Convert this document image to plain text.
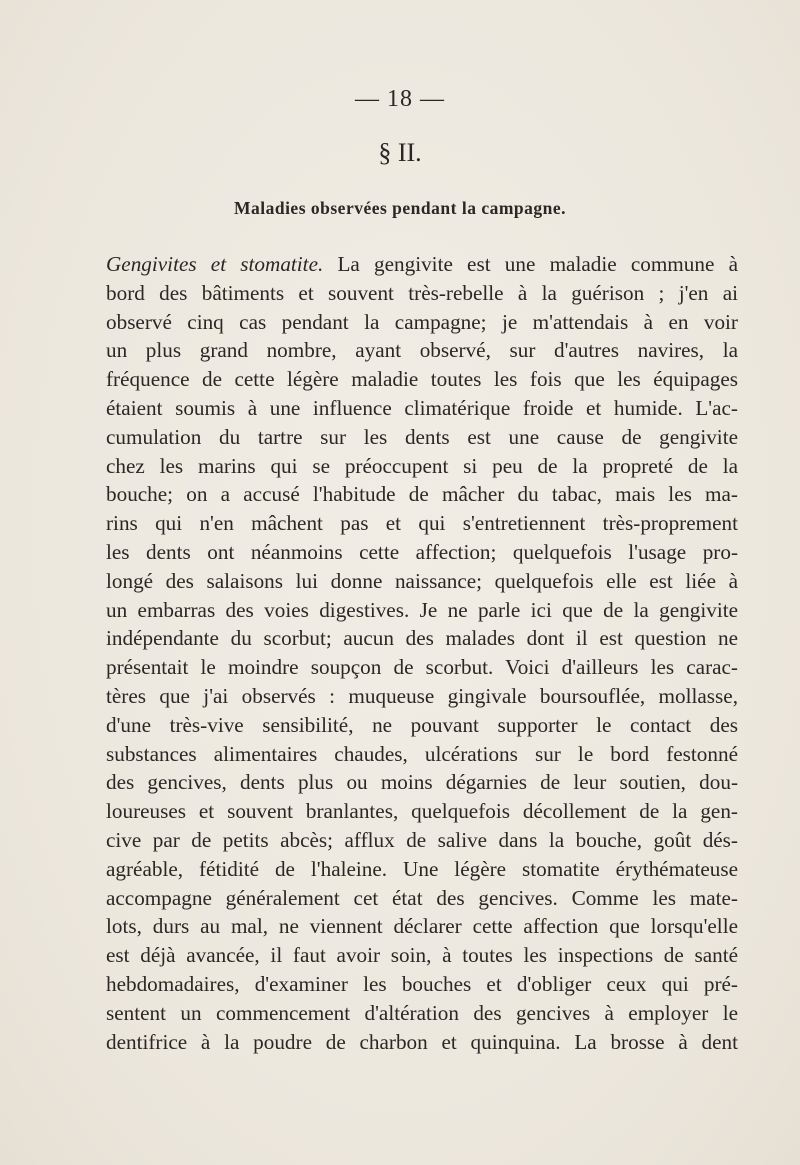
— 18 —
§ II.
Maladies observées pendant la campagne.
Gengivites et stomatite. La gengivite est une maladie commune à
bord des bâtiments et souvent très-rebelle à la guérison ; j'en ai
observé cinq cas pendant la campagne; je m'attendais à en voir
un plus grand nombre, ayant observé, sur d'autres navires, la
fréquence de cette légère maladie toutes les fois que les équipages
étaient soumis à une influence climatérique froide et humide. L'ac-
cumulation du tartre sur les dents est une cause de gengivite
chez les marins qui se préoccupent si peu de la propreté de la
bouche; on a accusé l'habitude de mâcher du tabac, mais les ma-
rins qui n'en mâchent pas et qui s'entretiennent très-proprement
les dents ont néanmoins cette affection; quelquefois l'usage pro-
longé des salaisons lui donne naissance; quelquefois elle est liée à
un embarras des voies digestives. Je ne parle ici que de la gengivite
indépendante du scorbut; aucun des malades dont il est question ne
présentait le moindre soupçon de scorbut. Voici d'ailleurs les carac-
tères que j'ai observés : muqueuse gingivale boursouflée, mollasse,
d'une très-vive sensibilité, ne pouvant supporter le contact des
substances alimentaires chaudes, ulcérations sur le bord festonné
des gencives, dents plus ou moins dégarnies de leur soutien, dou-
loureuses et souvent branlantes, quelquefois décollement de la gen-
cive par de petits abcès; afflux de salive dans la bouche, goût dés-
agréable, fétidité de l'haleine. Une légère stomatite érythémateuse
accompagne généralement cet état des gencives. Comme les mate-
lots, durs au mal, ne viennent déclarer cette affection que lorsqu'elle
est déjà avancée, il faut avoir soin, à toutes les inspections de santé
hebdomadaires, d'examiner les bouches et d'obliger ceux qui pré-
sentent un commencement d'altération des gencives à employer le
dentifrice à la poudre de charbon et quinquina. La brosse à dent
